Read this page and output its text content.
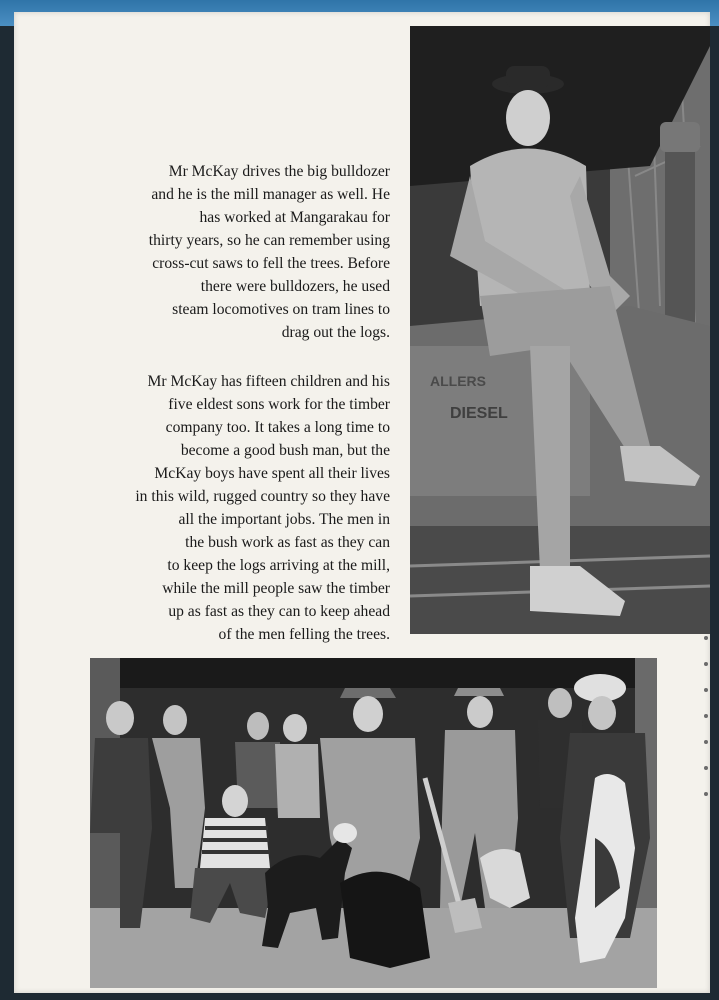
Mr McKay drives the big bulldozer
and he is the mill manager as well. He
has worked at Mangarakau for
thirty years, so he can remember using
cross-cut saws to fell the trees. Before
there were bulldozers, he used
steam locomotives on tram lines to
drag out the logs.
Mr McKay has fifteen children and his
five eldest sons work for the timber
company too. It takes a long time to
become a good bush man, but the
McKay boys have spent all their lives
in this wild, rugged country so they have
all the important jobs. The men in
the bush work as fast as they can
to keep the logs arriving at the mill,
while the mill people saw the timber
up as fast as they can to keep ahead
of the men felling the trees.
ALLERS
DIESEL
